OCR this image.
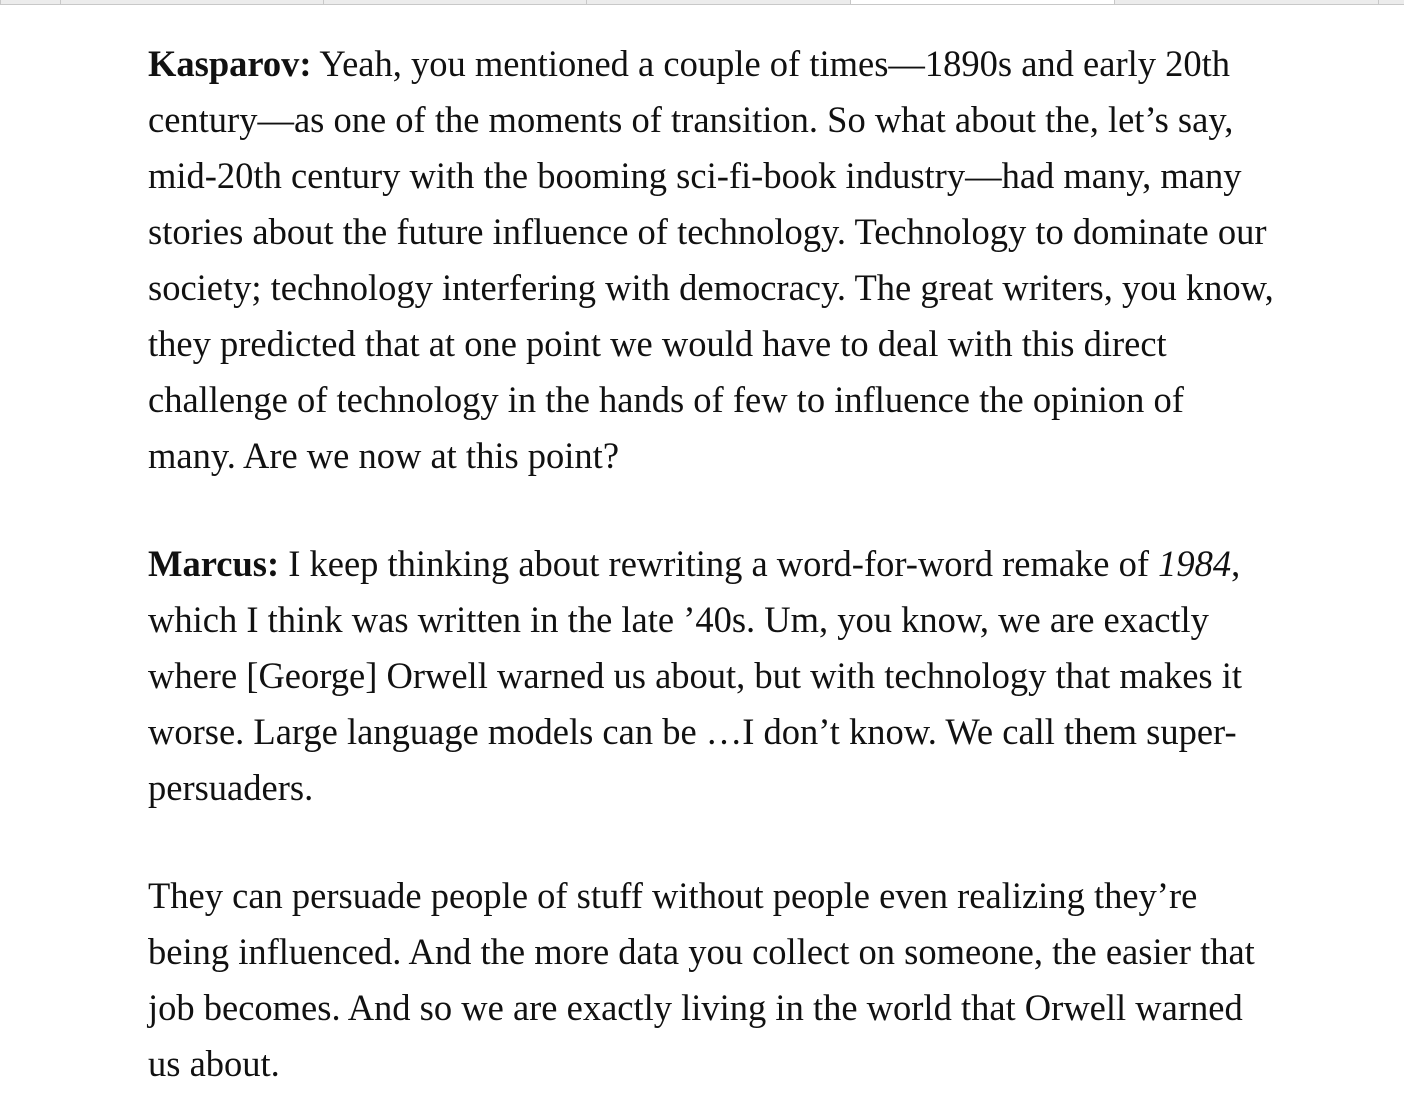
Kasparov: Yeah, you mentioned a couple of times—1890s and early 20th century—as one of the moments of transition. So what about the, let’s say, mid-20th century with the booming sci-fi-book industry—had many, many stories about the future influence of technology. Technology to dominate our society; technology interfering with democracy. The great writers, you know, they predicted that at one point we would have to deal with this direct challenge of technology in the hands of few to influence the opinion of many. Are we now at this point?

Marcus: I keep thinking about rewriting a word-for-word remake of 1984, which I think was written in the late ’40s. Um, you know, we are exactly where [George] Orwell warned us about, but with technology that makes it worse. Large language models can be …I don’t know. We call them super-persuaders.

They can persuade people of stuff without people even realizing they’re being influenced. And the more data you collect on someone, the easier that job becomes. And so we are exactly living in the world that Orwell warned us about.
